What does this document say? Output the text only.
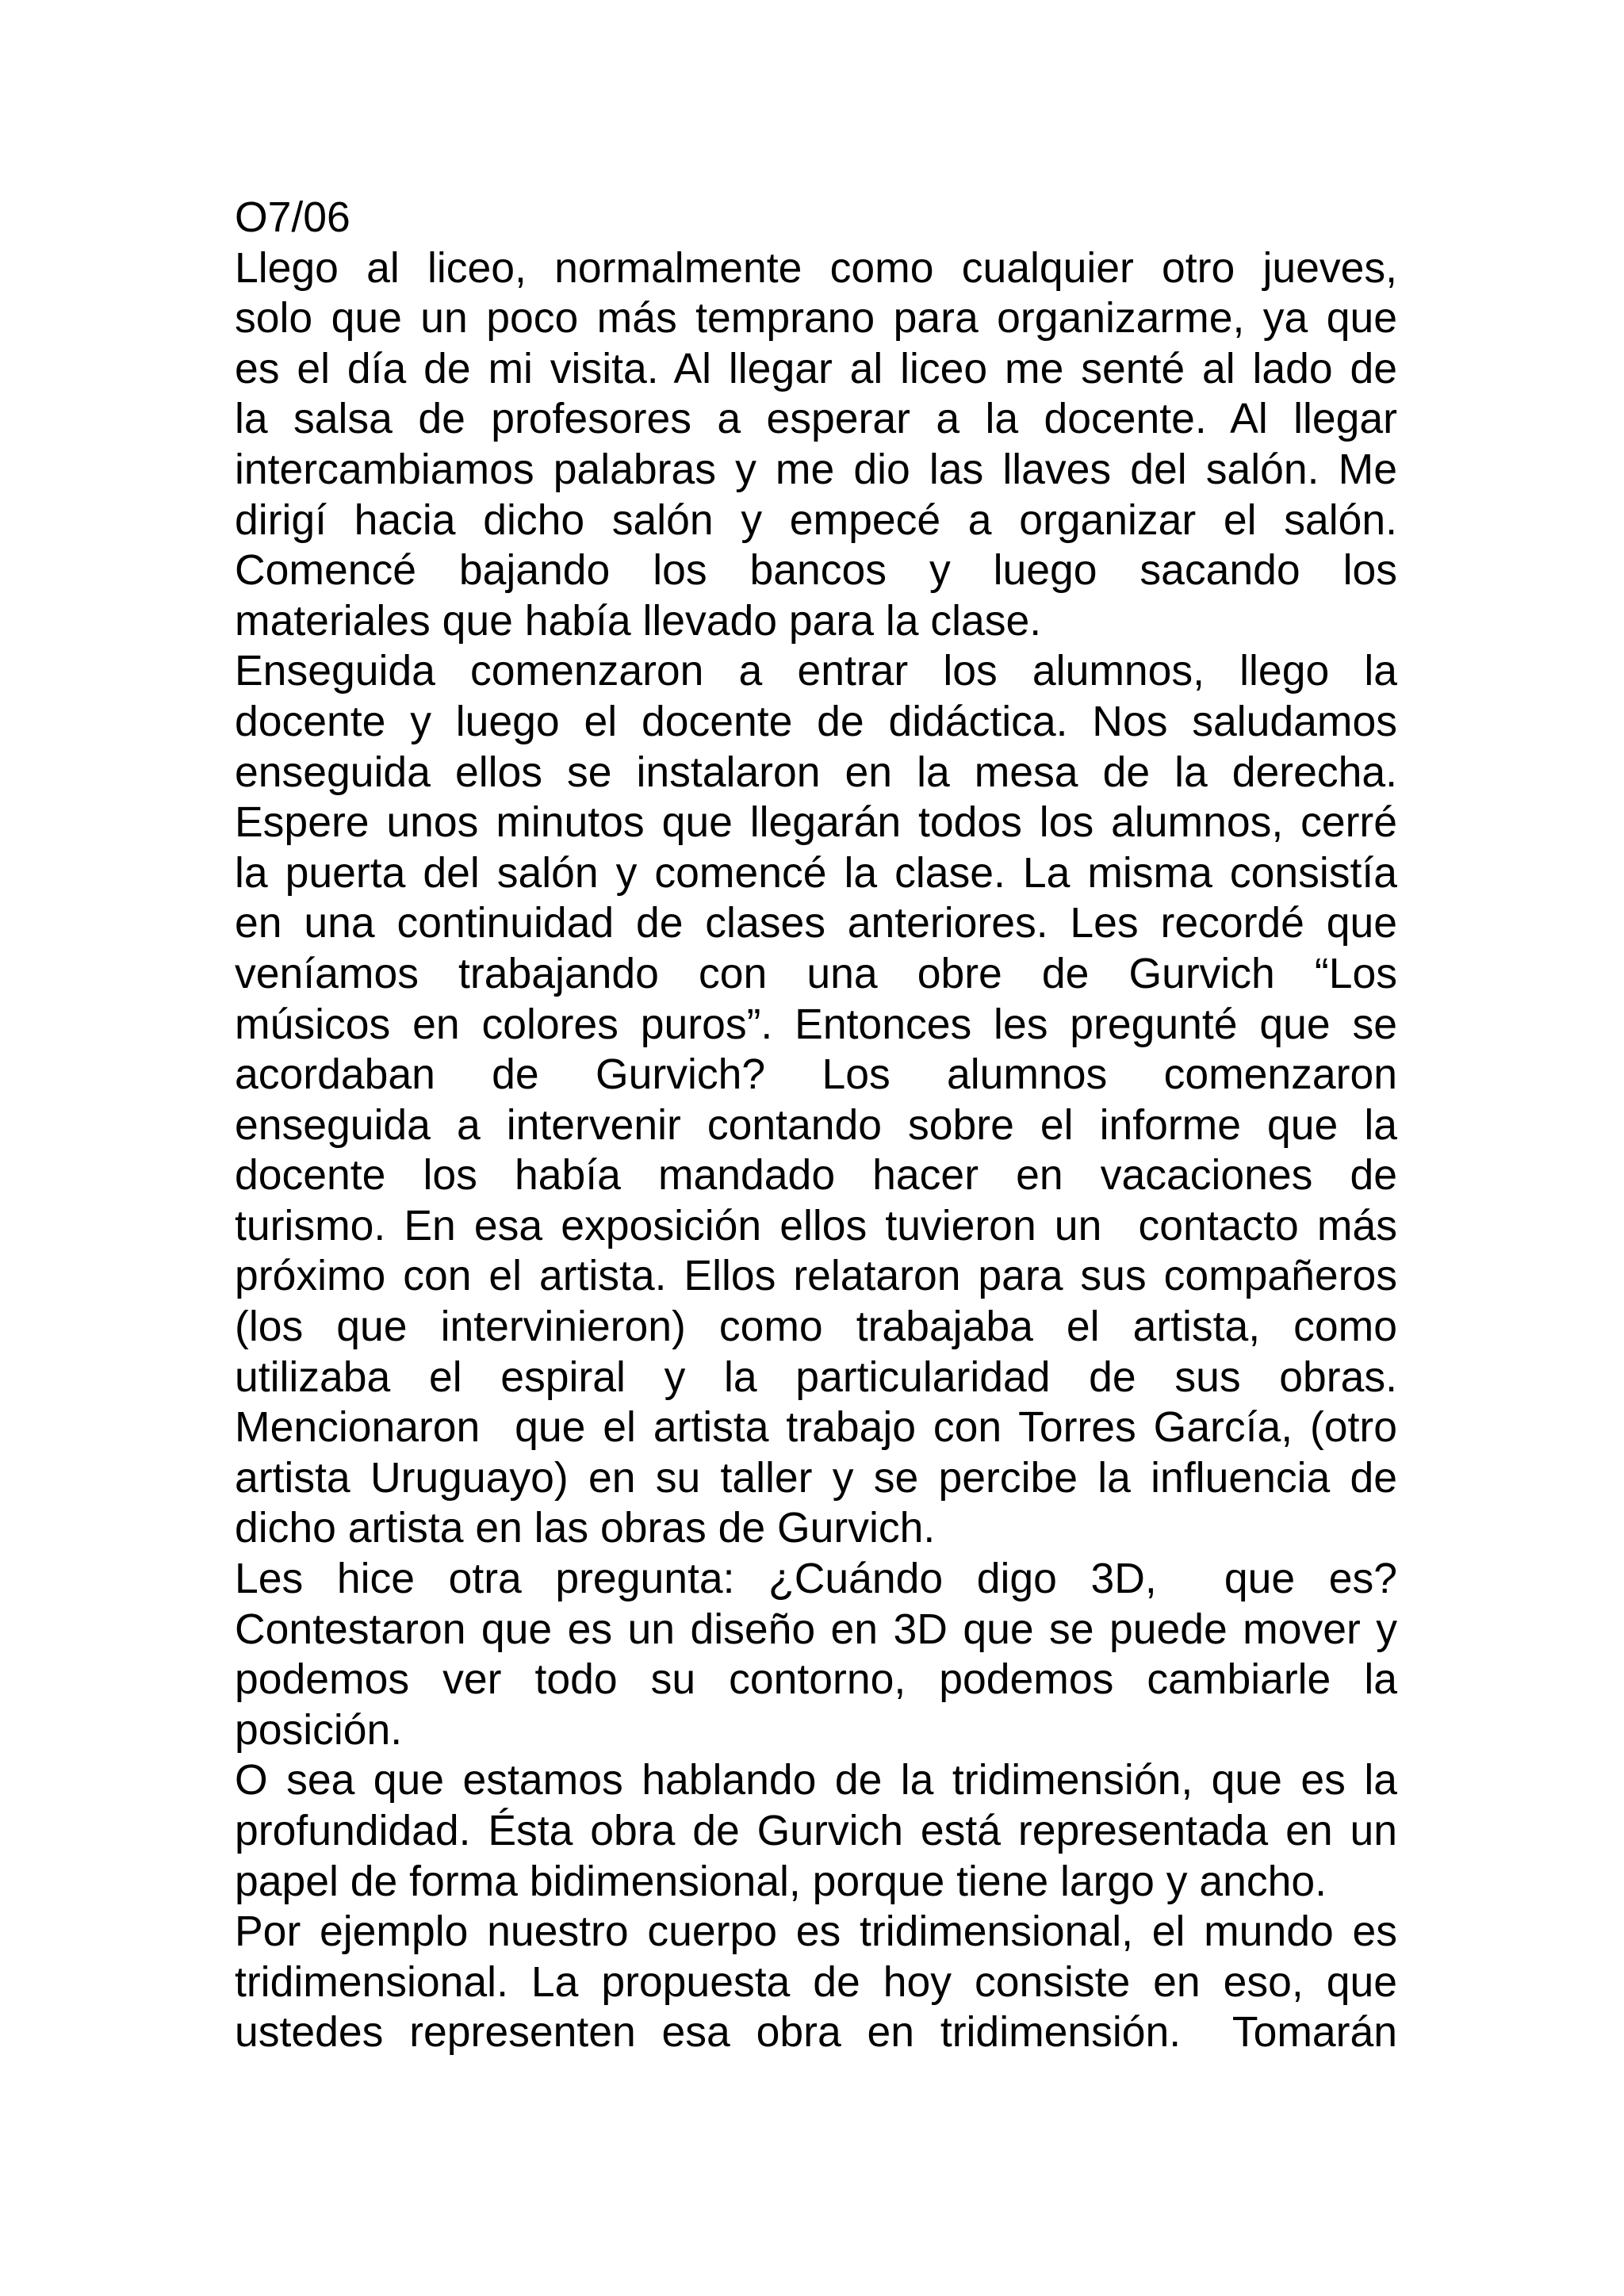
O7/06
Llego al liceo, normalmente como cualquier otro jueves,
solo que un poco más temprano para organizarme, ya que
es el día de mi visita. Al llegar al liceo me senté al lado de
la salsa de profesores a esperar a la docente. Al llegar
intercambiamos palabras y me dio las llaves del salón. Me
dirigí hacia dicho salón y empecé a organizar el salón.
Comencé bajando los bancos y luego sacando los
materiales que había llevado para la clase.
Enseguida comenzaron a entrar los alumnos, llego la
docente y luego el docente de didáctica. Nos saludamos
enseguida ellos se instalaron en la mesa de la derecha.
Espere unos minutos que llegarán todos los alumnos, cerré
la puerta del salón y comencé la clase. La misma consistía
en una continuidad de clases anteriores. Les recordé que
veníamos trabajando con una obre de Gurvich “Los
músicos en colores puros”. Entonces les pregunté que se
acordaban de Gurvich? Los alumnos comenzaron
enseguida a intervenir contando sobre el informe que la
docente los había mandado hacer en vacaciones de
turismo. En esa exposición ellos tuvieron un  contacto más
próximo con el artista. Ellos relataron para sus compañeros
(los que intervinieron) como trabajaba el artista, como
utilizaba el espiral y la particularidad de sus obras.
Mencionaron  que el artista trabajo con Torres García, (otro
artista Uruguayo) en su taller y se percibe la influencia de
dicho artista en las obras de Gurvich.
Les hice otra pregunta: ¿Cuándo digo 3D,  que es?
Contestaron que es un diseño en 3D que se puede mover y
podemos ver todo su contorno, podemos cambiarle la
posición.
O sea que estamos hablando de la tridimensión, que es la
profundidad. Ésta obra de Gurvich está representada en un
papel de forma bidimensional, porque tiene largo y ancho.
Por ejemplo nuestro cuerpo es tridimensional, el mundo es
tridimensional. La propuesta de hoy consiste en eso, que
ustedes representen esa obra en tridimensión.  Tomarán
